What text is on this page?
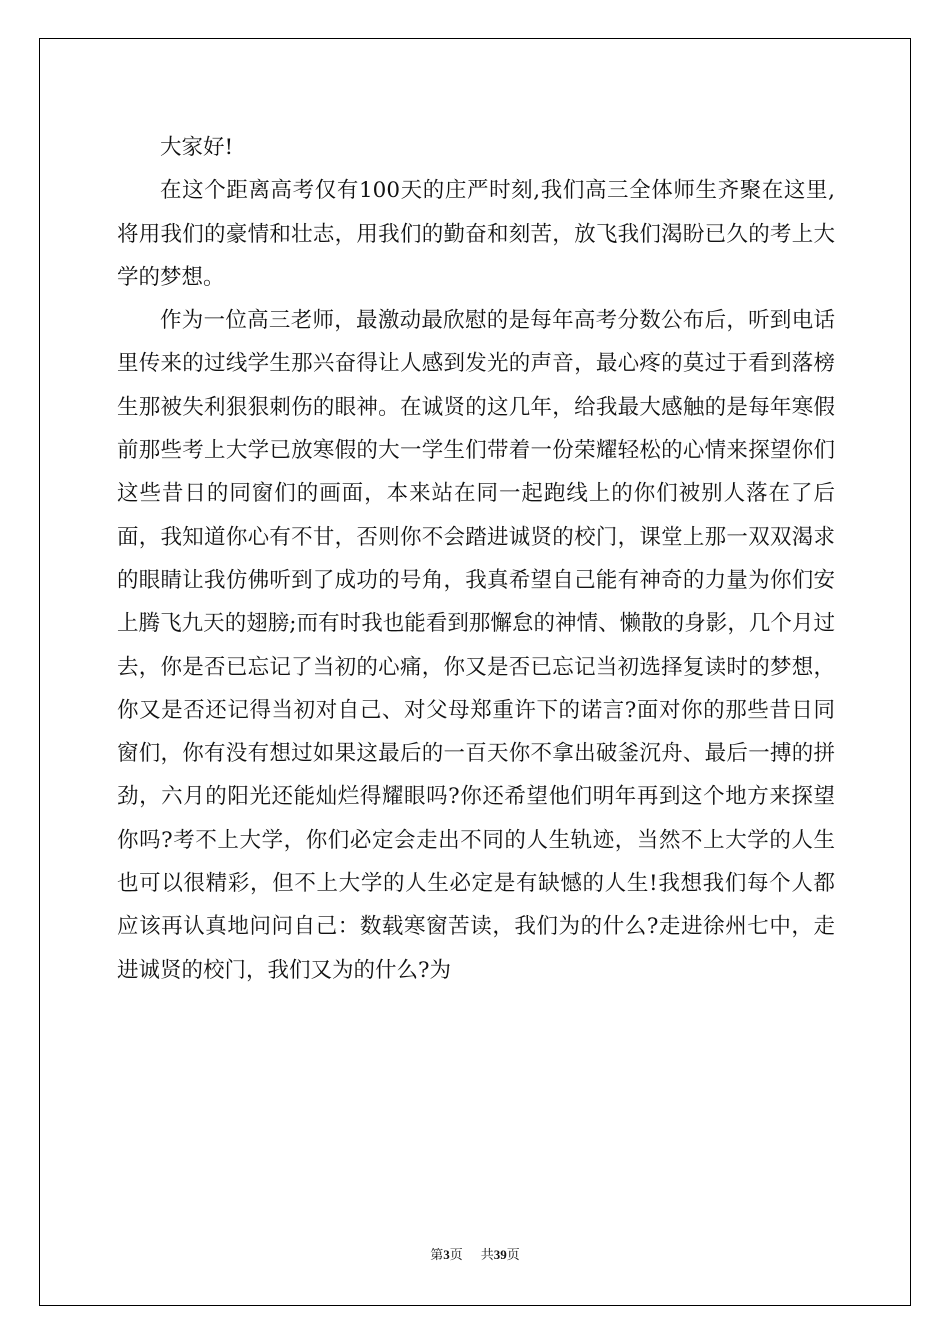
大家好!

在这个距离高考仅有100天的庄严时刻,我们高三全体师生齐聚在这里,将用我们的豪情和壮志，用我们的勤奋和刻苦，放飞我们渴盼已久的考上大学的梦想。

作为一位高三老师，最激动最欣慰的是每年高考分数公布后，听到电话里传来的过线学生那兴奋得让人感到发光的声音，最心疼的莫过于看到落榜生那被失利狠狠刺伤的眼神。在诚贤的这几年，给我最大感触的是每年寒假前那些考上大学已放寒假的大一学生们带着一份荣耀轻松的心情来探望你们这些昔日的同窗们的画面，本来站在同一起跑线上的你们被别人落在了后面，我知道你心有不甘，否则你不会踏进诚贤的校门，课堂上那一双双渴求的眼睛让我仿佛听到了成功的号角，我真希望自己能有神奇的力量为你们安上腾飞九天的翅膀;而有时我也能看到那懈怠的神情、懒散的身影，几个月过去，你是否已忘记了当初的心痛，你又是否已忘记当初选择复读时的梦想，你又是否还记得当初对自己、对父母郑重许下的诺言?面对你的那些昔日同窗们，你有没有想过如果这最后的一百天你不拿出破釜沉舟、最后一搏的拼劲，六月的阳光还能灿烂得耀眼吗?你还希望他们明年再到这个地方来探望你吗?考不上大学，你们必定会走出不同的人生轨迹，当然不上大学的人生也可以很精彩，但不上大学的人生必定是有缺憾的人生!我想我们每个人都应该再认真地问问自己：数载寒窗苦读，我们为的什么?走进徐州七中，走进诚贤的校门，我们又为的什么?为

第3页 共39页
